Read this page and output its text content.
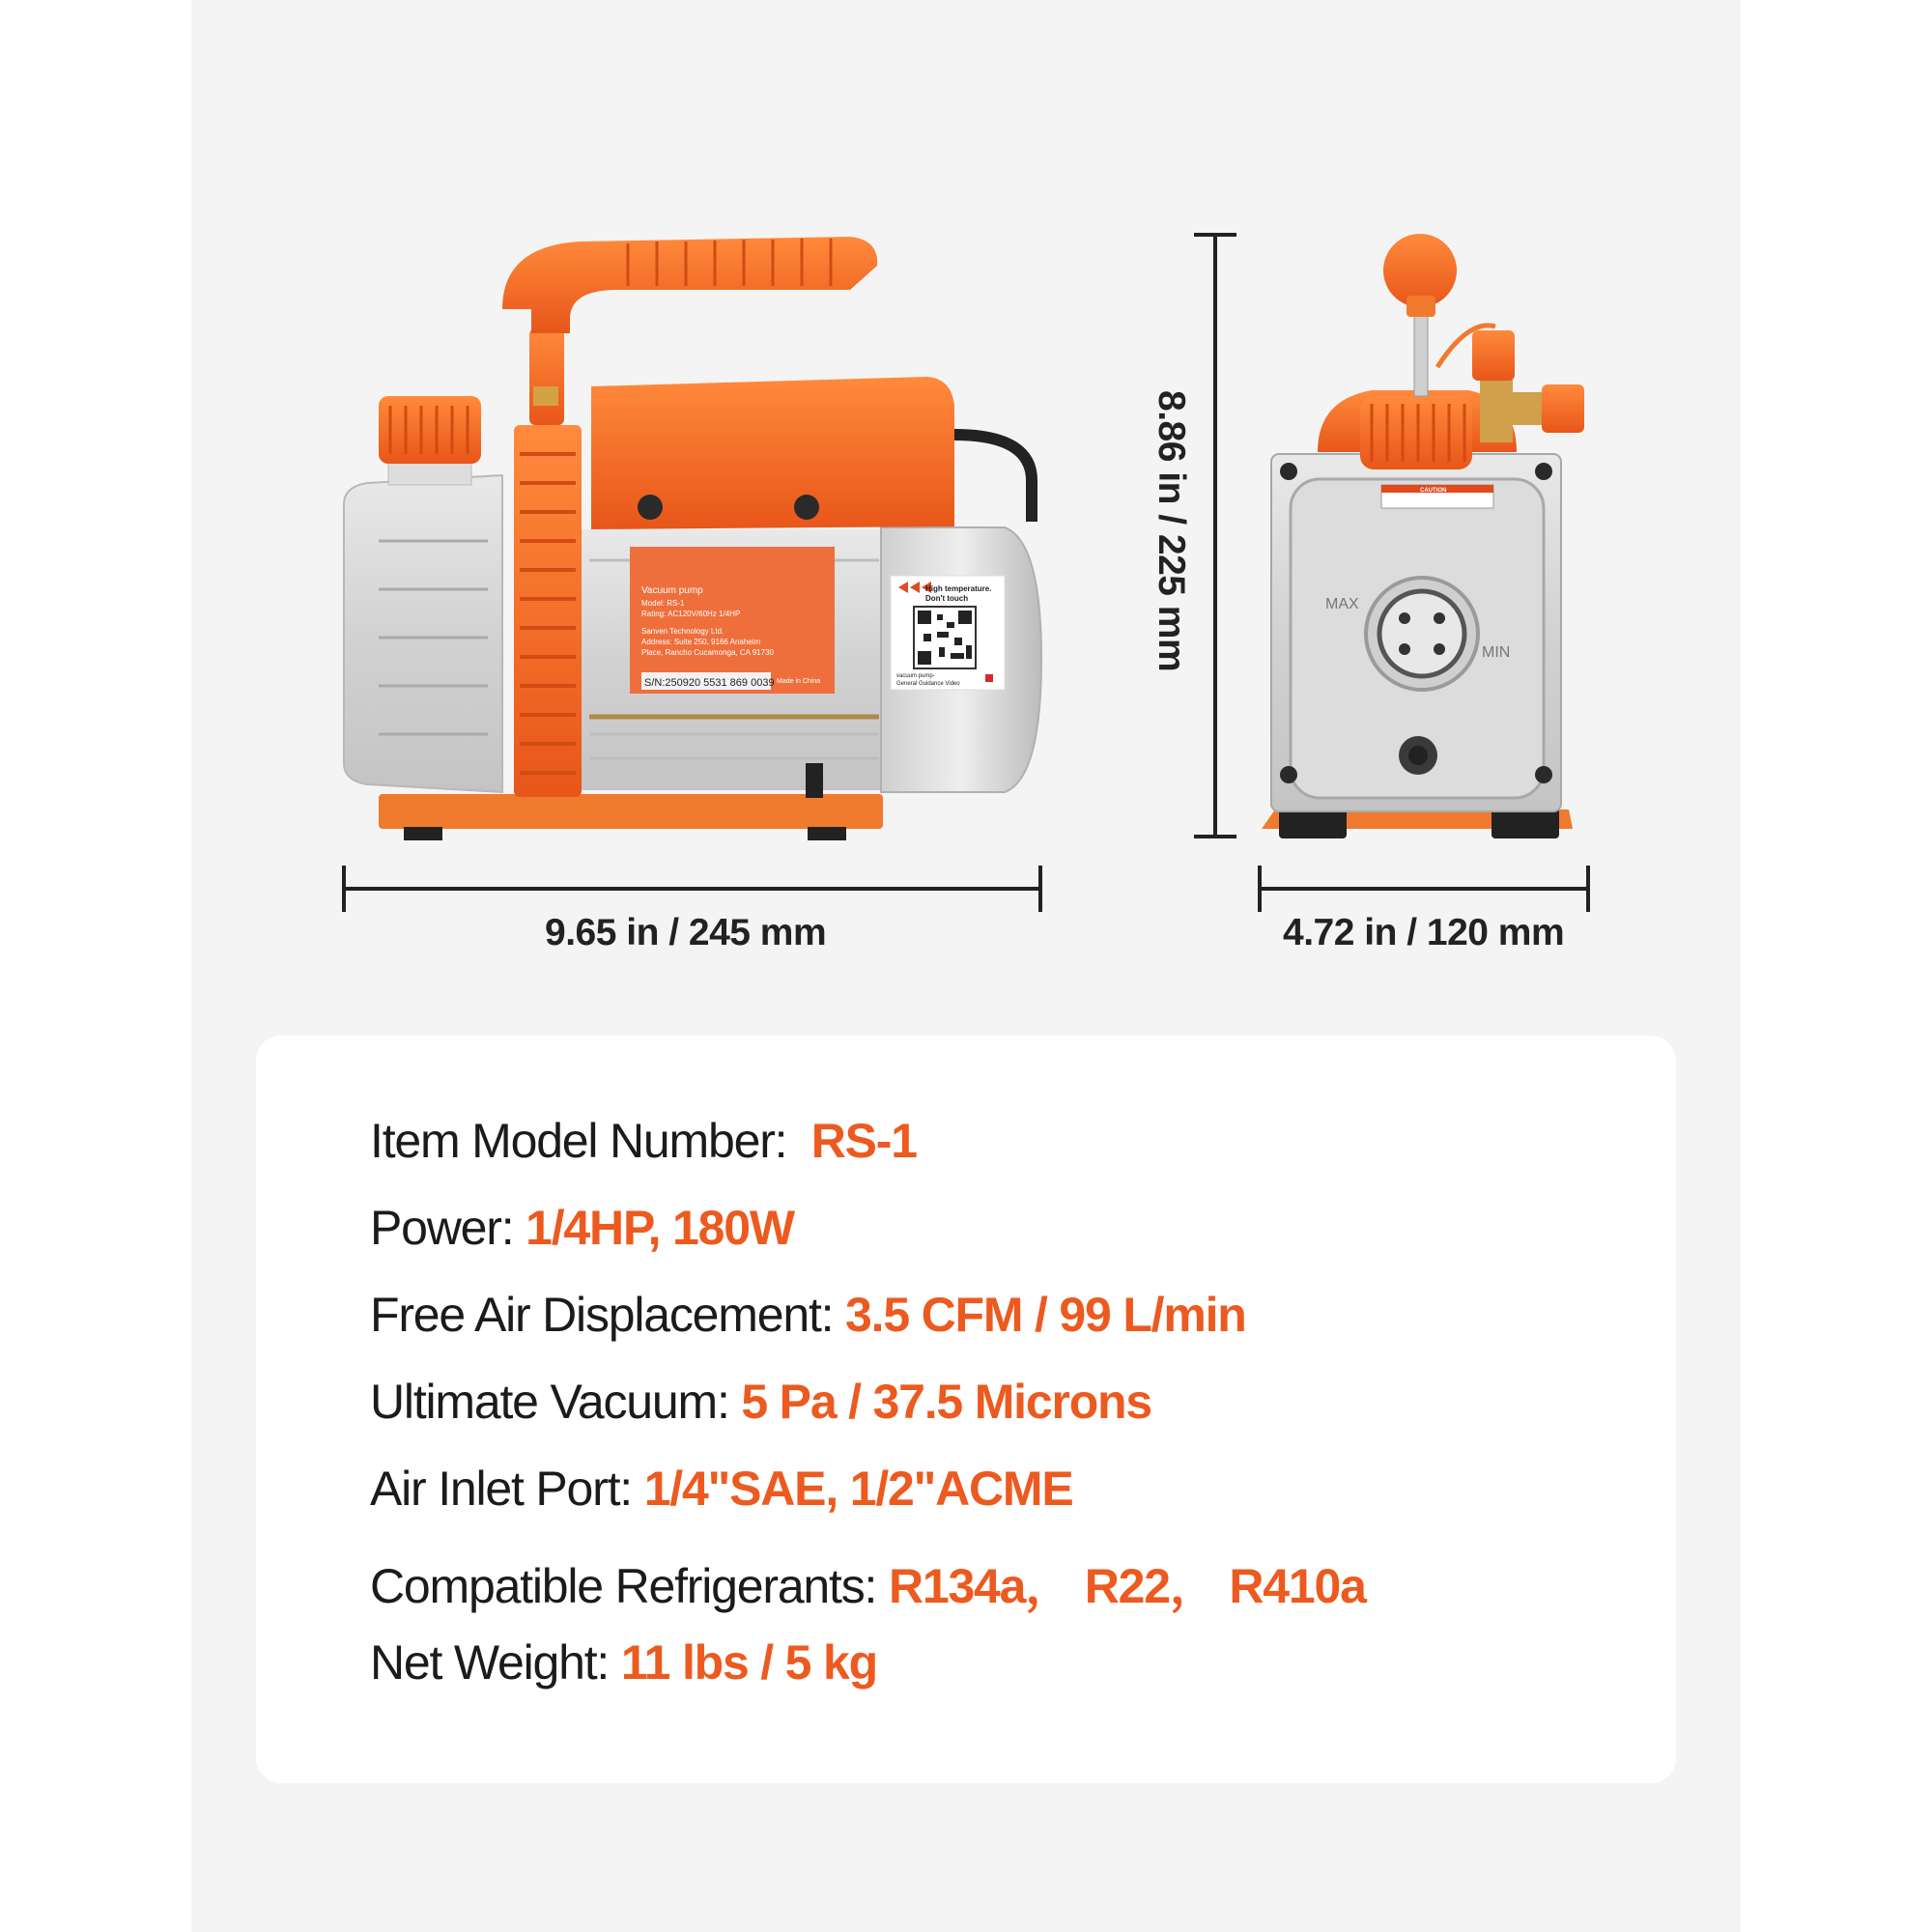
Vacuum pump
Model: RS-1
Rating: AC120V/60Hz 1/4HP
Sanven Technology Ltd.
Address: Suite 250, 9166 Anaheim
Place, Rancho Cucamonga, CA 91730
S/N:250920 5531 869 0039 Made in China
High temperature.
Don't touch
vacuum pump-
General Guidance Video
CAUTION
MAX
MIN
9.65 in / 245 mm	4.72 in / 120 mm
8.86 in / 225 mm
Item Model Number: RS-1
Power: 1/4HP, 180W
Free Air Displacement: 3.5 CFM / 99 L/min
Ultimate Vacuum: 5 Pa / 37.5 Microns
Air Inlet Port: 1/4"SAE, 1/2"ACME
Compatible Refrigerants: R134a， R22， R410a
Net Weight: 11 lbs / 5 kg
